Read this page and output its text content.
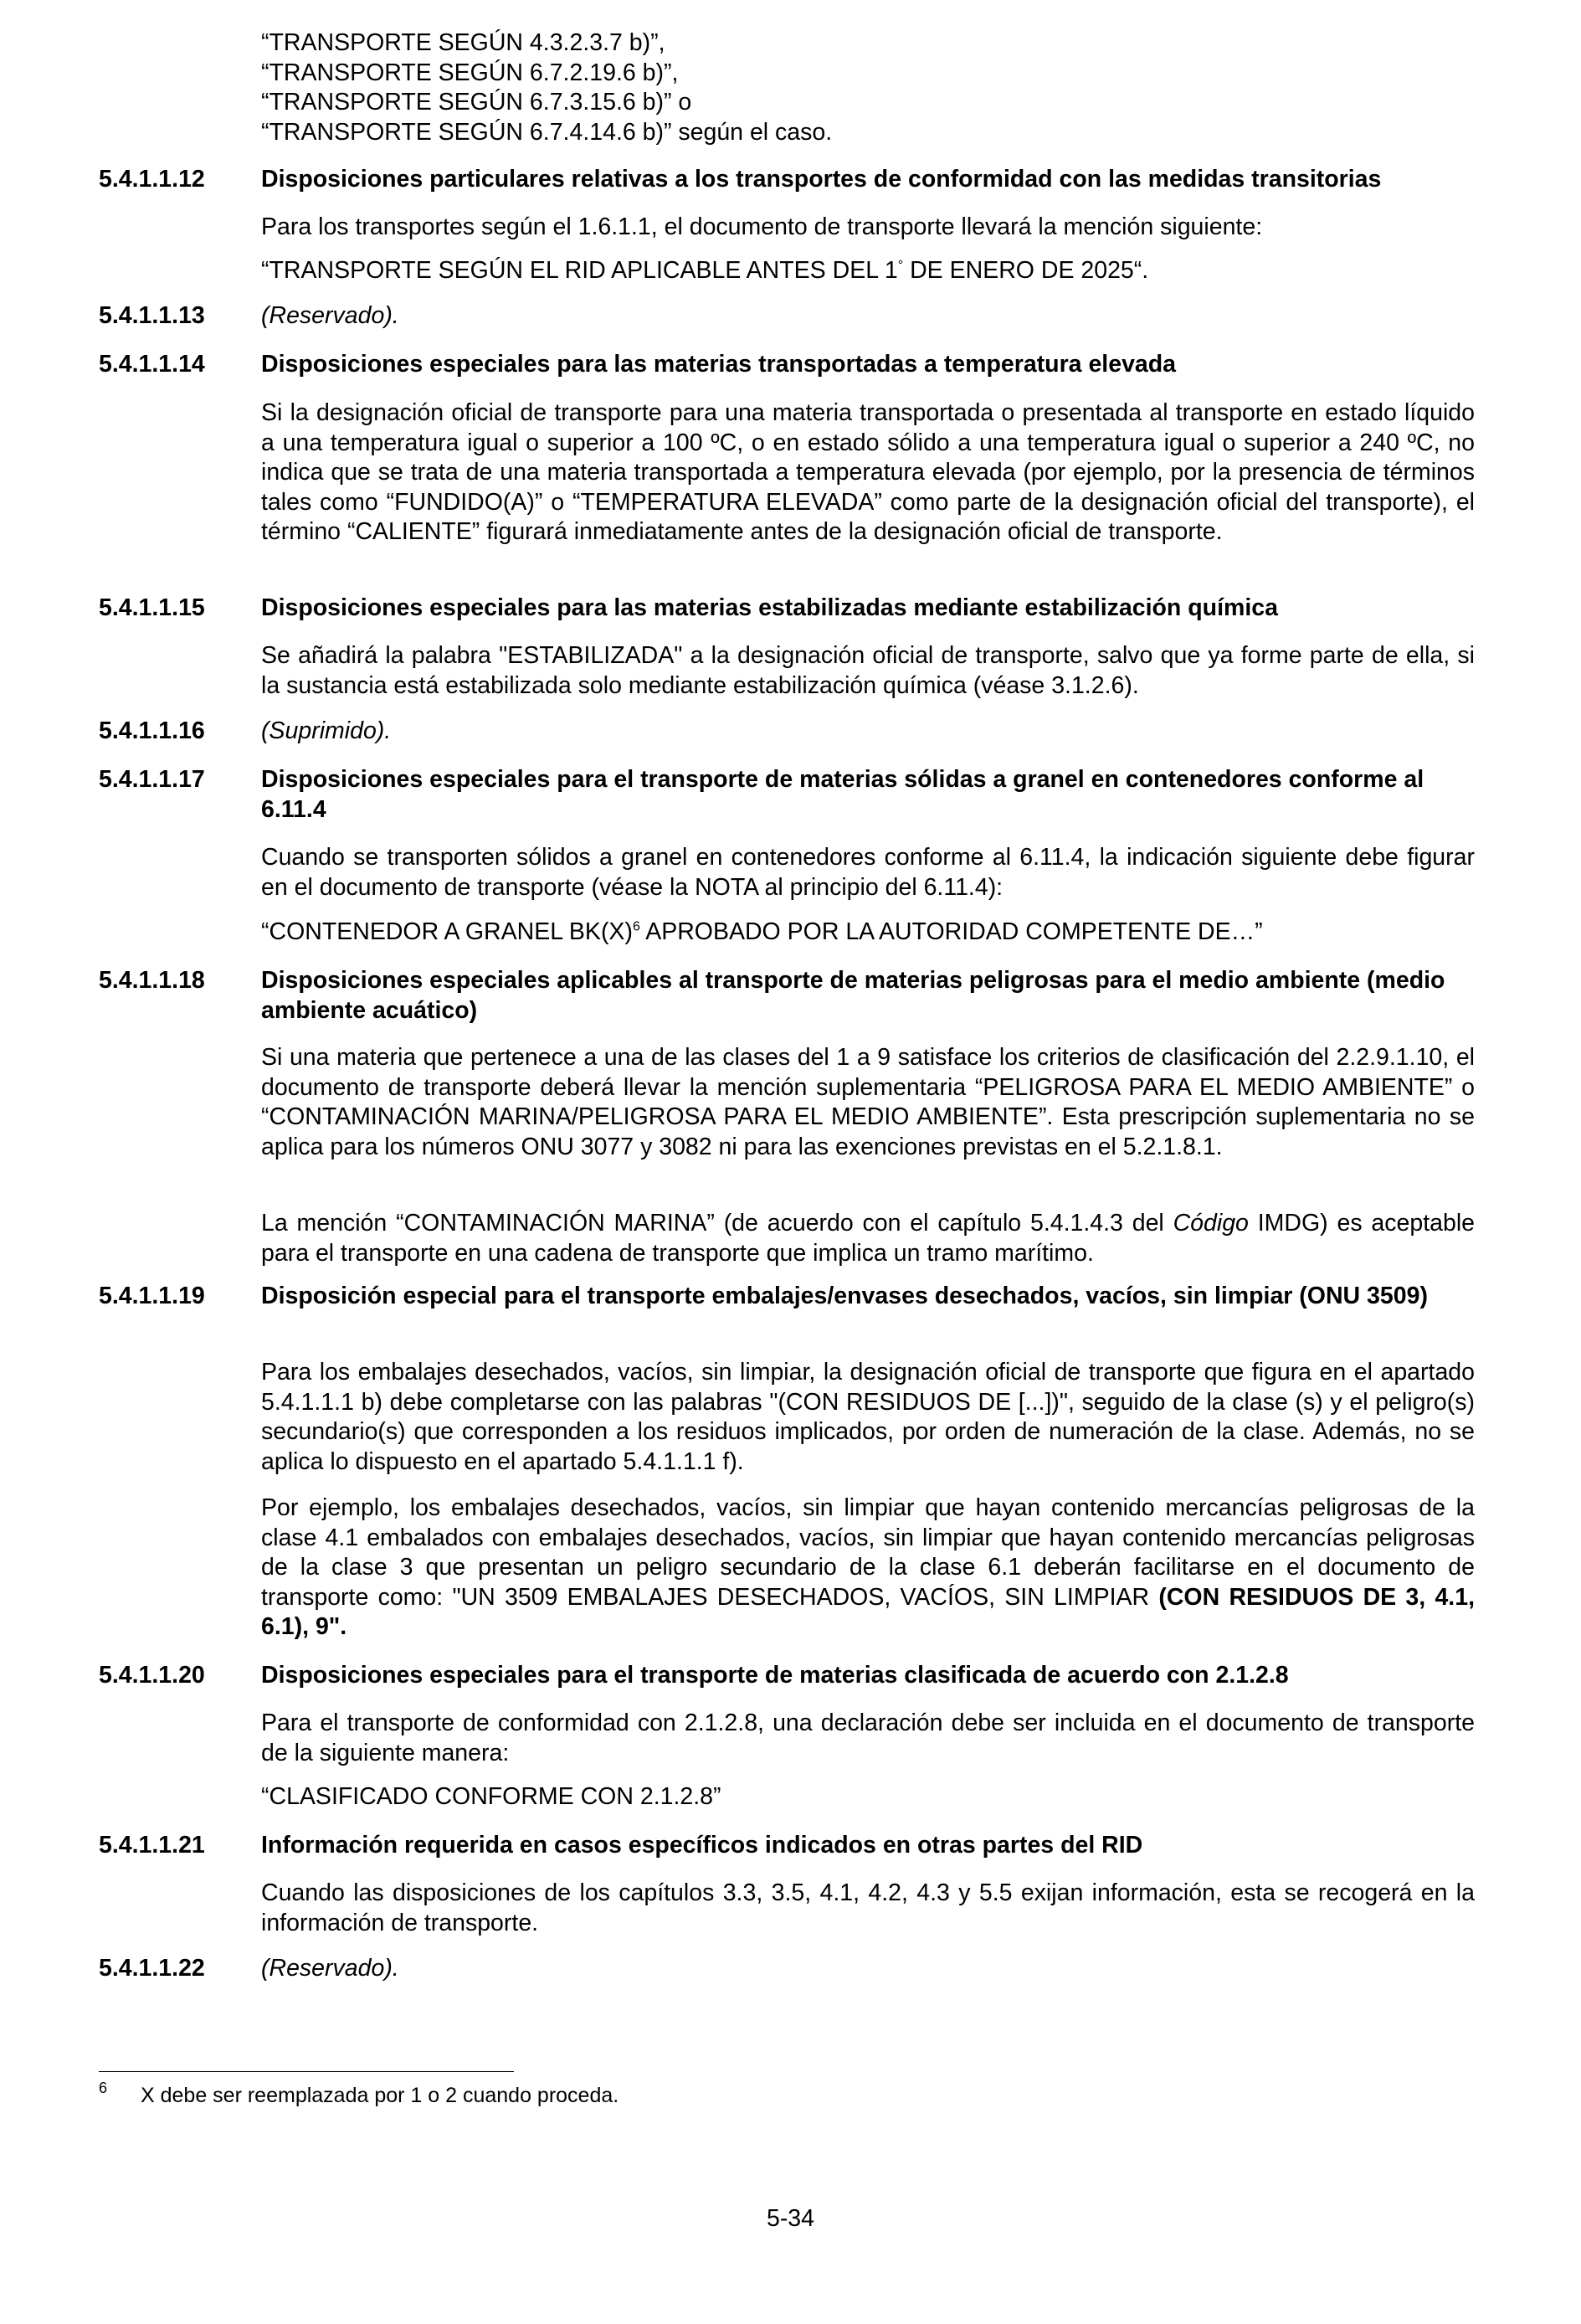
“TRANSPORTE SEGÚN 4.3.2.3.7 b)”,
“TRANSPORTE SEGÚN 6.7.2.19.6 b)”,
“TRANSPORTE SEGÚN 6.7.3.15.6 b)” o
“TRANSPORTE SEGÚN 6.7.4.14.6 b)” según el caso.
5.4.1.1.12 Disposiciones particulares relativas a los transportes de conformidad con las medidas transitorias
Para los transportes según el 1.6.1.1, el documento de transporte llevará la mención siguiente:
“TRANSPORTE SEGÚN EL RID APLICABLE ANTES DEL 1° DE ENERO DE 2025“.
5.4.1.1.13 (Reservado).
5.4.1.1.14 Disposiciones especiales para las materias transportadas a temperatura elevada
Si la designación oficial de transporte para una materia transportada o presentada al transporte en estado líquido a una temperatura igual o superior a 100 ºC, o en estado sólido a una temperatura igual o superior a 240 ºC, no indica que se trata de una materia transportada a temperatura elevada (por ejemplo, por la presencia de términos tales como “FUNDIDO(A)” o “TEMPERATURA ELEVADA” como parte de la designación oficial del transporte), el término “CALIENTE” figurará inmediatamente antes de la designación oficial de transporte.
5.4.1.1.15 Disposiciones especiales para las materias estabilizadas mediante estabilización química
Se añadirá la palabra "ESTABILIZADA" a la designación oficial de transporte, salvo que ya forme parte de ella, si la sustancia está estabilizada solo mediante estabilización química (véase 3.1.2.6).
5.4.1.1.16 (Suprimido).
5.4.1.1.17 Disposiciones especiales para el transporte de materias sólidas a granel en contenedores conforme al 6.11.4
Cuando se transporten sólidos a granel en contenedores conforme al 6.11.4, la indicación siguiente debe figurar en el documento de transporte (véase la NOTA al principio del 6.11.4):
“CONTENEDOR A GRANEL $BK(X)^6$ APROBADO POR LA AUTORIDAD COMPETENTE DE…”
5.4.1.1.18 Disposiciones especiales aplicables al transporte de materias peligrosas para el medio ambiente (medio ambiente acuático)
Si una materia que pertenece a una de las clases del 1 a 9 satisface los criterios de clasificación del 2.2.9.1.10, el documento de transporte deberá llevar la mención suplementaria “PELIGROSA PARA EL MEDIO AMBIENTE” o “CONTAMINACIÓN MARINA/PELIGROSA PARA EL MEDIO AMBIENTE”. Esta prescripción suplementaria no se aplica para los números ONU 3077 y 3082 ni para las exenciones previstas en el 5.2.1.8.1.
La mención “CONTAMINACIÓN MARINA” (de acuerdo con el capítulo 5.4.1.4.3 del Código IMDG) es aceptable para el transporte en una cadena de transporte que implica un tramo marítimo.
5.4.1.1.19 Disposición especial para el transporte embalajes/envases desechados, vacíos, sin limpiar (ONU 3509)
Para los embalajes desechados, vacíos, sin limpiar, la designación oficial de transporte que figura en el apartado 5.4.1.1.1 b) debe completarse con las palabras "(CON RESIDUOS DE [...])", seguido de la clase (s) y el peligro(s) secundario(s) que corresponden a los residuos implicados, por orden de numeración de la clase. Además, no se aplica lo dispuesto en el apartado 5.4.1.1.1 f).
Por ejemplo, los embalajes desechados, vacíos, sin limpiar que hayan contenido mercancías peligrosas de la clase 4.1 embalados con embalajes desechados, vacíos, sin limpiar que hayan contenido mercancías peligrosas de la clase 3 que presentan un peligro secundario de la clase 6.1 deberán facilitarse en el documento de transporte como: "UN 3509 EMBALAJES DESECHADOS, VACÍOS, SIN LIMPIAR (CON RESIDUOS DE 3, 4.1, 6.1), 9".
5.4.1.1.20 Disposiciones especiales para el transporte de materias clasificada de acuerdo con 2.1.2.8
Para el transporte de conformidad con 2.1.2.8, una declaración debe ser incluida en el documento de transporte de la siguiente manera:
“CLASIFICADO CONFORME CON 2.1.2.8”
5.4.1.1.21 Información requerida en casos específicos indicados en otras partes del RID
Cuando las disposiciones de los capítulos 3.3, 3.5, 4.1, 4.2, 4.3 y 5.5 exijan información, esta se recogerá en la información de transporte.
5.4.1.1.22 (Reservado).
6 X debe ser reemplazada por 1 o 2 cuando proceda.
5-34
